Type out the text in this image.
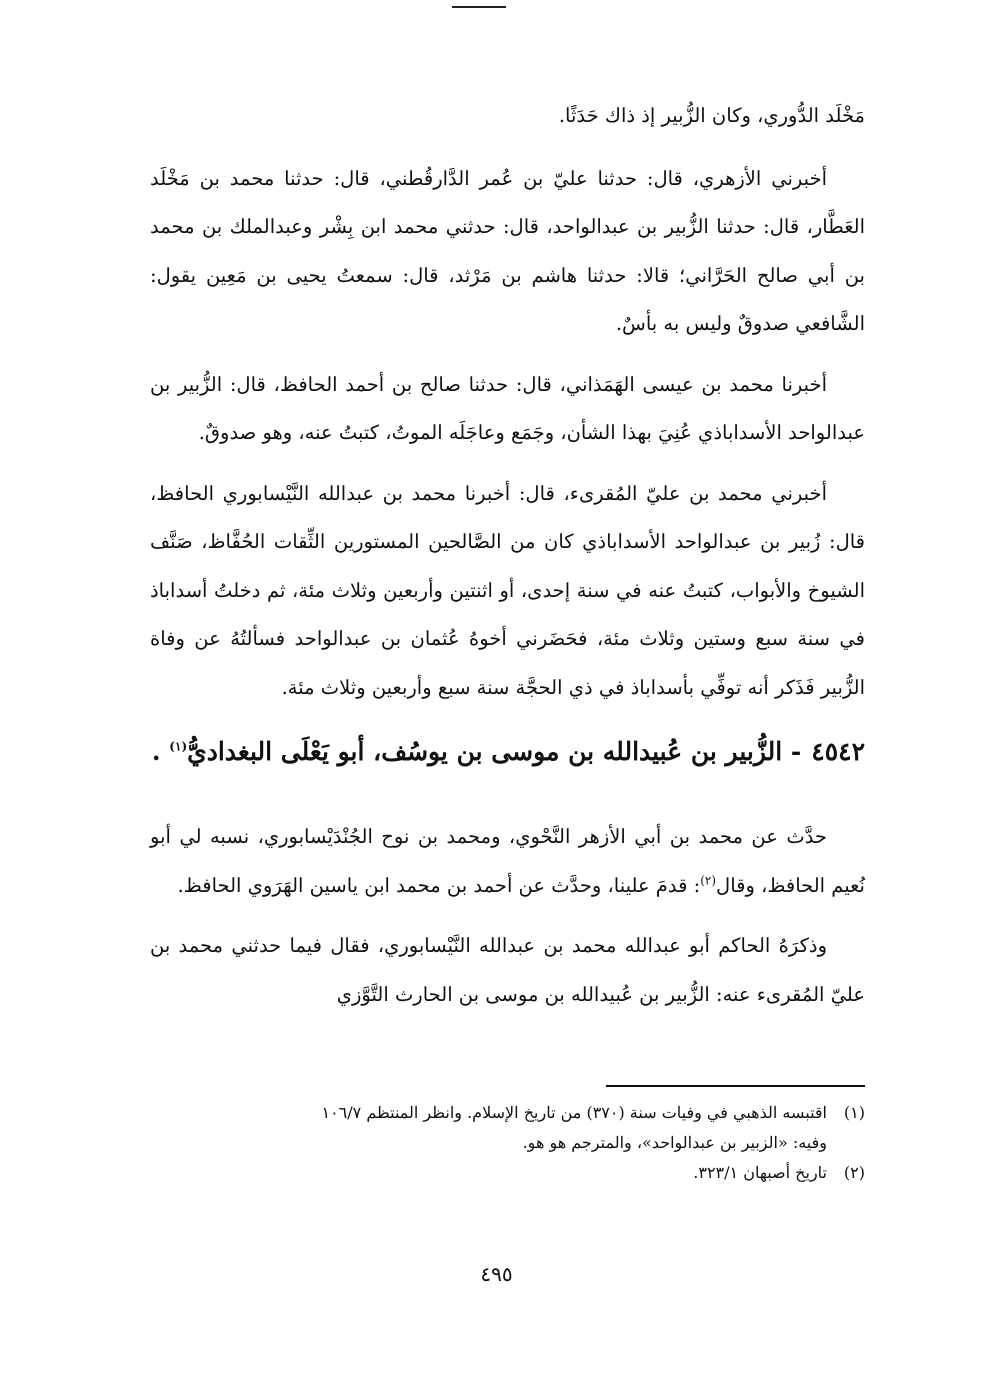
مَخْلَد الدُّوري، وكان الزُّبير إذ ذاك حَدَثًا.

أخبرني الأزهري، قال: حدثنا عليّ بن عُمر الدَّارقُطني، قال: حدثنا محمد بن مَخْلَد العَطَّار، قال: حدثنا الزُّبير بن عبدالواحد، قال: حدثني محمد ابن بِشْر وعبدالملك بن محمد بن أبي صالح الحَرَّاني؛ قالا: حدثنا هاشم بن مَرْثد، قال: سمعتُ يحيى بن مَعِين يقول: الشَّافعي صدوقٌ وليس به بأسٌ.

أخبرنا محمد بن عيسى الهَمَذاني، قال: حدثنا صالح بن أحمد الحافظ، قال: الزُّبير بن عبدالواحد الأسداباذي عُنِيَ بهذا الشأن، وجَمَع وعاجَلَه الموتُ، كتبتُ عنه، وهو صدوقٌ.

أخبرني محمد بن عليّ المُقرىء، قال: أخبرنا محمد بن عبدالله النَّيْسابوري الحافظ، قال: زُبير بن عبدالواحد الأسداباذي كان من الصَّالحين المستورين الثِّقات الحُفَّاظ، صَنَّف الشيوخ والأبواب، كتبتُ عنه في سنة إحدى، أو اثنتين وأربعين وثلاث مئة، ثم دخلتُ أسداباذ في سنة سبع وستين وثلاث مئة، فحَضَرني أخوهُ عُثمان بن عبدالواحد فسألتُهُ عن وفاة الزُّبير فَذَكر أنه توفِّي بأسداباذ في ذي الحجَّة سنة سبع وأربعين وثلاث مئة.

٤٥٤٢- الزُّبير بن عُبيدالله بن موسى بن يوسُف، أبو يَعْلَى البغداديُّ$^{(١)}$ .

حدَّث عن محمد بن أبي الأزهر النَّحْوي، ومحمد بن نوح الجُنْدَيْسابوري، نسبه لي أبو نُعيم الحافظ، وقال$^{(٢)}$: قدمَ علينا، وحدَّث عن أحمد بن محمد ابن ياسين الهَرَوي الحافظ.

وذكرَهُ الحاكم أبو عبدالله محمد بن عبدالله النَّيْسابوري، فقال فيما حدثني محمد بن عليّ المُقرىء عنه: الزُّبير بن عُبيدالله بن موسى بن الحارث التَّوَّزي

(١)اقتبسه الذهبي في وفيات سنة (٣٧٠) من تاريخ الإسلام. وانظر المنتظم ١٠٦/٧

وفيه: «الزبير بن عبدالواحد»، والمترجم هو هو.

(٢)تاريخ أصبهان ٣٢٣/١.

٤٩٥
